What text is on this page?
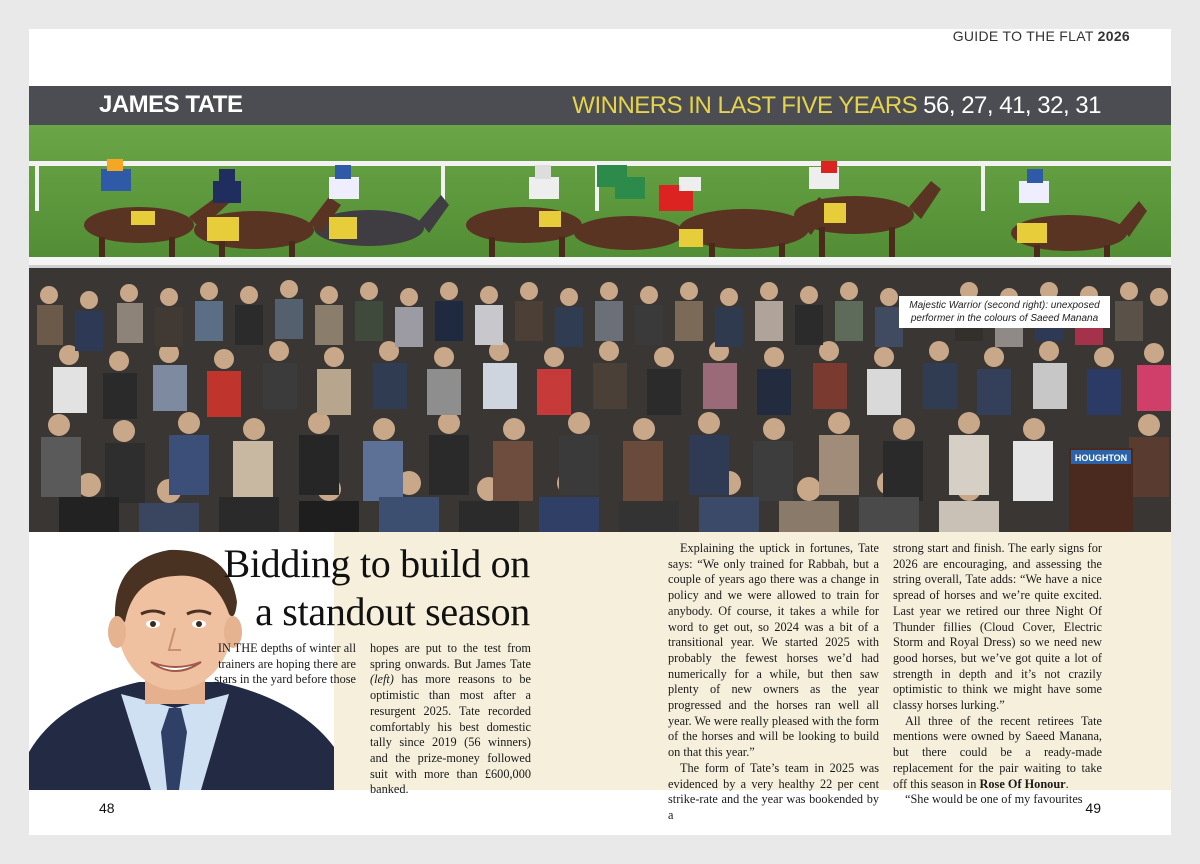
GUIDE TO THE FLAT 2026
JAMES TATE	WINNERS IN LAST FIVE YEARS 56, 27, 41, 32, 31
HOUGHTON
Majestic Warrior (second right): unexposed performer in the colours of Saeed Manana
Bidding to build on
a standout season

IN THE depths of winter all trainers are hoping there are stars in the yard before those

hopes are put to the test from spring onwards. But James Tate (left) has more reasons to be optimistic than most after a resurgent 2025. Tate recorded comfortably his best domestic tally since 2019 (56 winners) and the prize-money followed suit with more than £600,000 banked.

Explaining the uptick in fortunes, Tate says: “We only trained for Rabbah, but a couple of years ago there was a change in policy and we were allowed to train for anybody. Of course, it takes a while for word to get out, so 2024 was a bit of a transitional year. We started 2025 with probably the fewest horses we’d had numerically for a while, but then saw plenty of new owners as the year progressed and the horses ran well all year. We were really pleased with the form of the horses and will be looking to build on that this year.”

The form of Tate’s team in 2025 was evidenced by a very healthy 22 per cent strike-rate and the year was bookended by a

strong start and finish. The early signs for 2026 are encouraging, and assessing the string overall, Tate adds: “We have a nice spread of horses and we’re quite excited. Last year we retired our three Night Of Thunder fillies (Cloud Cover, Electric Storm and Royal Dress) so we need new good horses, but we’ve got quite a lot of strength in depth and it’s not crazily optimistic to think we might have some classy horses lurking.”

All three of the recent retirees Tate mentions were owned by Saeed Manana, but there could be a ready-made replacement for the pair waiting to take off this season in Rose Of Honour.

“She would be one of my favourites

48	49
